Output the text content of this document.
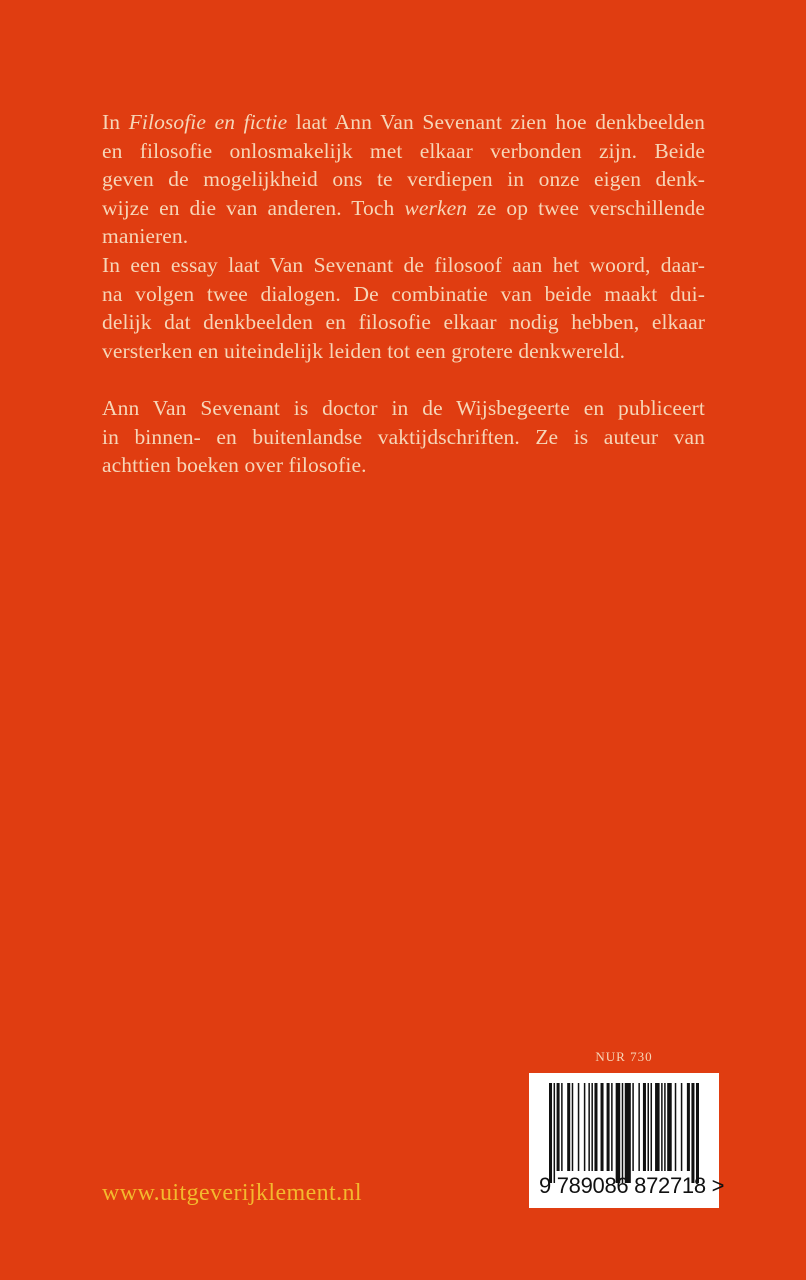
In Filosofie en fictie laat Ann Van Sevenant zien hoe denkbeelden
en filosofie onlosmakelijk met elkaar verbonden zijn. Beide
geven de mogelijkheid ons te verdiepen in onze eigen denk-
wijze en die van anderen. Toch werken ze op twee verschillende
manieren.
In een essay laat Van Sevenant de filosoof aan het woord, daar-
na volgen twee dialogen. De combinatie van beide maakt dui-
delijk dat denkbeelden en filosofie elkaar nodig hebben, elkaar
versterken en uiteindelijk leiden tot een grotere denkwereld.

Ann Van Sevenant is doctor in de Wijsbegeerte en publiceert
in binnen- en buitenlandse vaktijdschriften. Ze is auteur van
achttien boeken over filosofie.

www.uitgeverijklement.nl
NUR 730
9 789086 872718 >
